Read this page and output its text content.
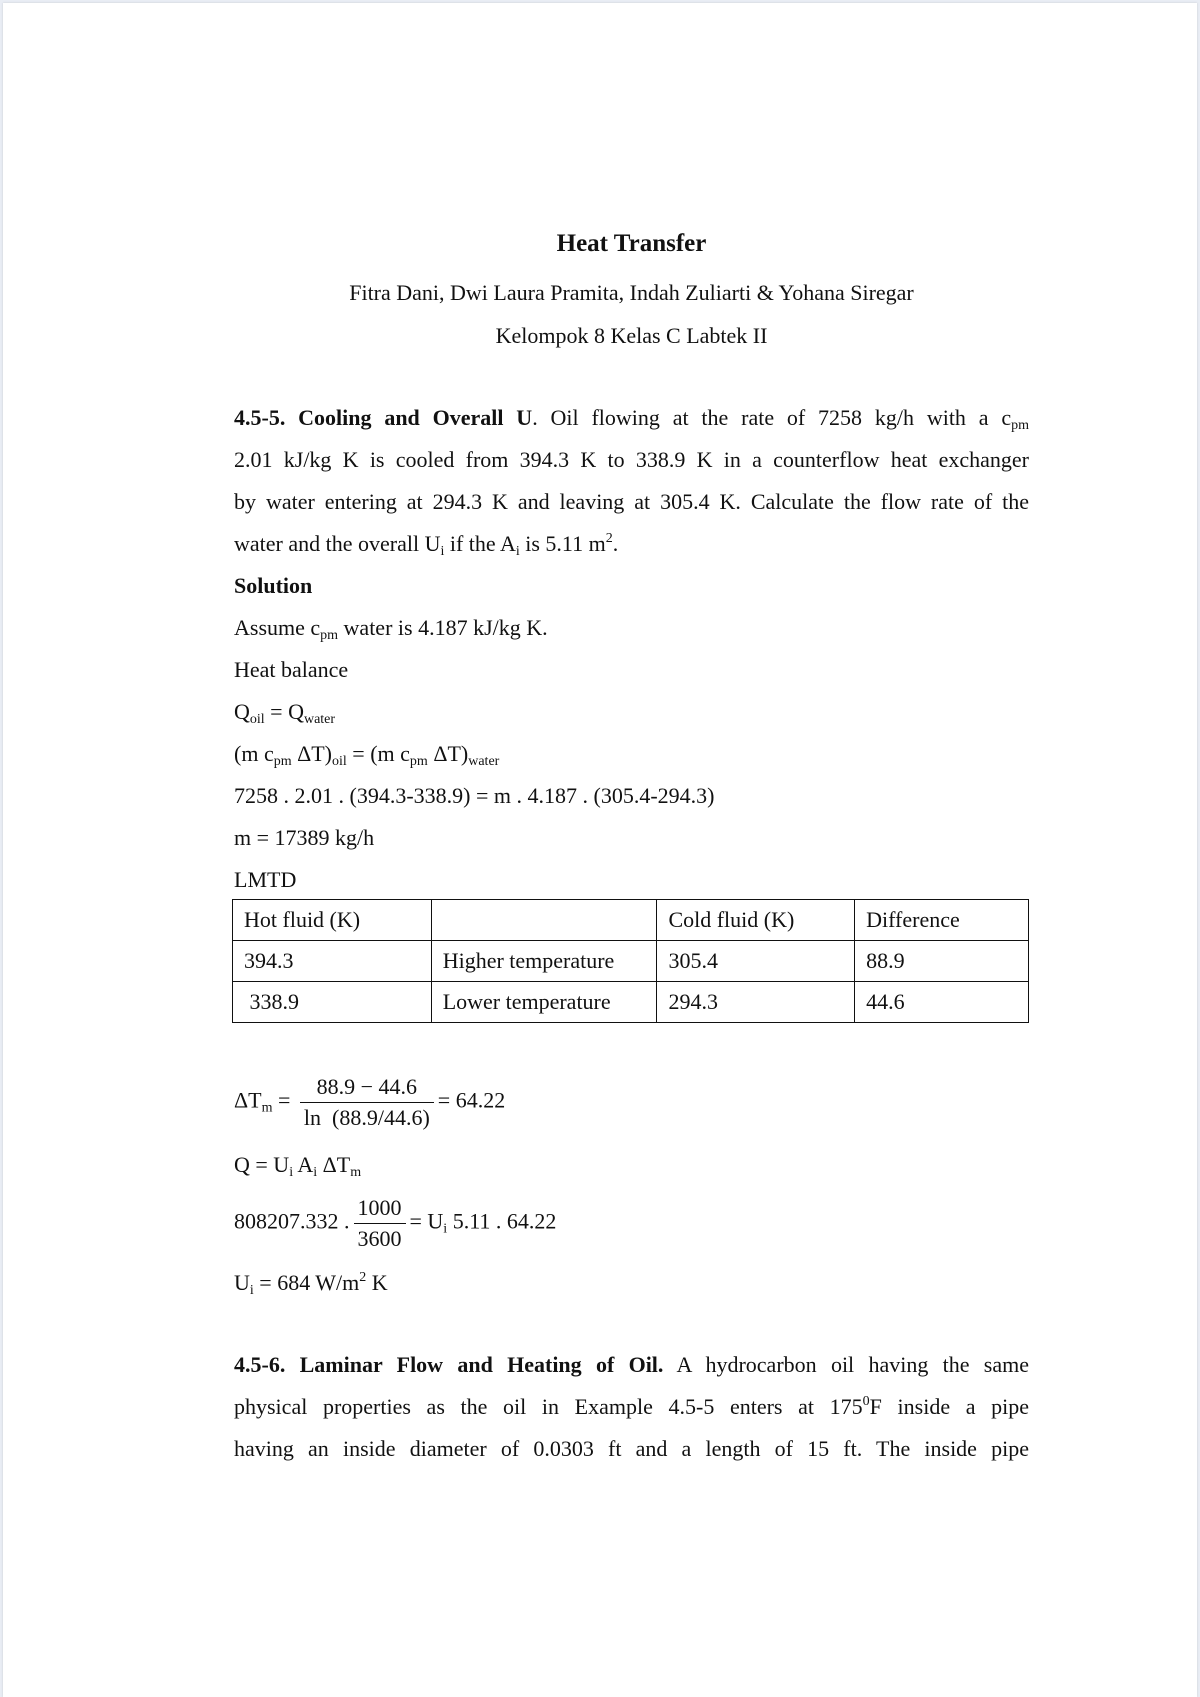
Heat Transfer
Fitra Dani, Dwi Laura Pramita, Indah Zuliarti & Yohana Siregar
Kelompok 8 Kelas C Labtek II
4.5-5. Cooling and Overall U. Oil flowing at the rate of 7258 kg/h with a $c_{pm}$
2.01 kJ/kg K is cooled from 394.3 K to 338.9 K in a counterflow heat exchanger
by water entering at 294.3 K and leaving at 305.4 K. Calculate the flow rate of the
water and the overall $U_i$ if the $A_i$ is 5.11 $m^2$.
Solution
Assume $c_{pm}$ water is 4.187 kJ/kg K.
Heat balance
$Q_{oil} = Q_{water}$
(m $c_{pm}$ $\Delta T)_{oil} = (m$ $c_{pm}$ $\Delta T)_{water}$
7258 . 2.01 . (394.3-338.9) = m . 4.187 . (305.4-294.3)
m = 17389 kg/h
LMTD
Hot fluid (K)		Cold fluid (K)	Difference
394.3	Higher temperature	305.4	88.9
338.9	Lower temperature	294.3	44.6
$\Delta T_m = \frac{88.9 - 44.6}{\ln (88.9/44.6)} = 64.22$
$Q = U_i$ $A_i$ $\Delta T_m$
808207.332 . $\frac{1000}{3600} = U_i$ 5.11 . 64.22
$U_i = 684$ $W/m^2$ K
4.5-6. Laminar Flow and Heating of Oil. A hydrocarbon oil having the same
physical properties as the oil in Example 4.5-5 enters at $175^0F$ inside a pipe
having an inside diameter of 0.0303 ft and a length of 15 ft. The inside pipe
